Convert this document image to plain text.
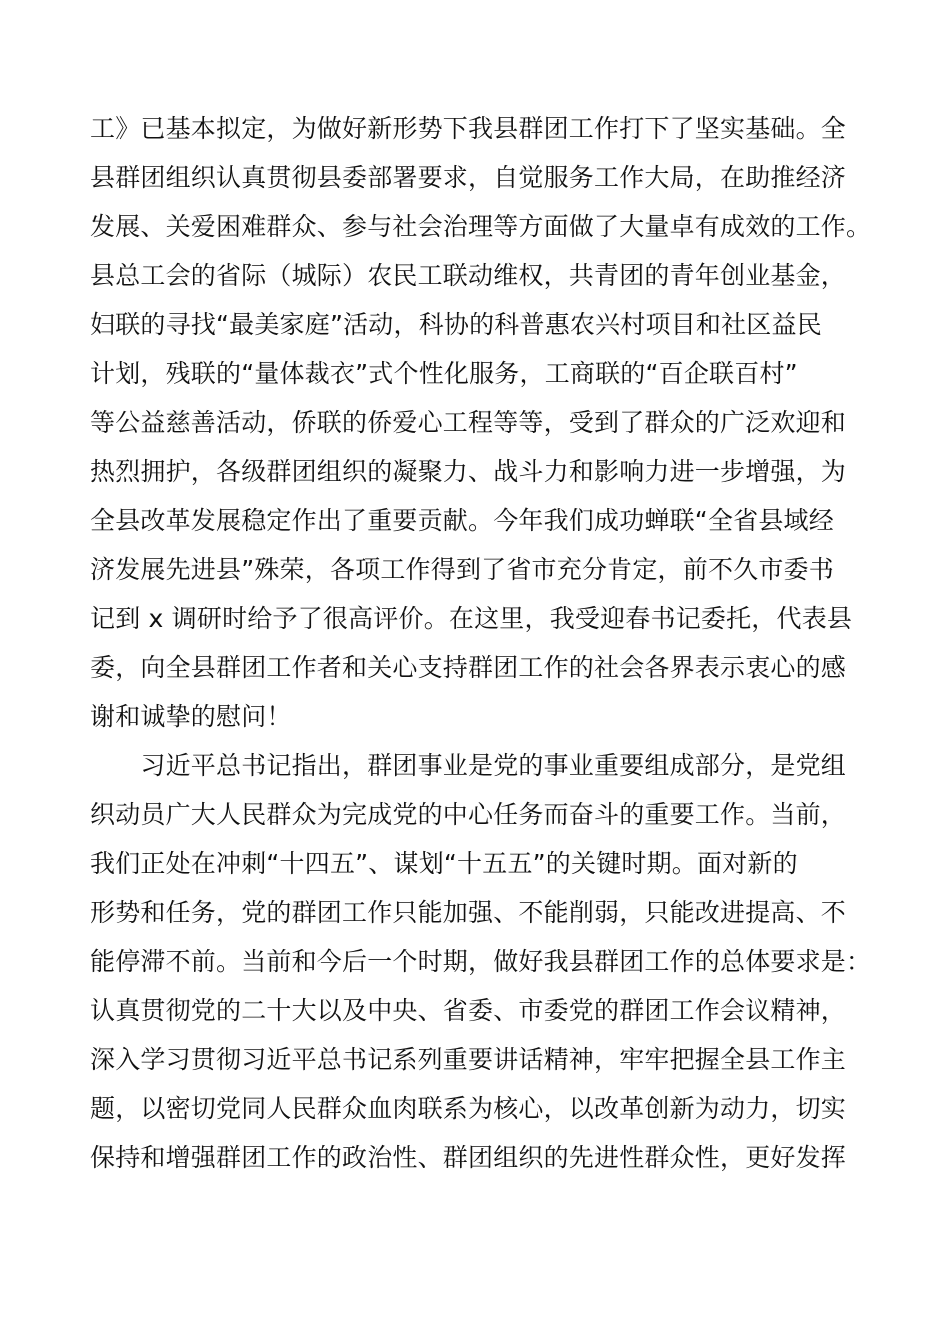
工》已基本拟定，为做好新形势下我县群团工作打下了坚实基础。全
县群团组织认真贯彻县委部署要求，自觉服务工作大局，在助推经济
发展、关爱困难群众、参与社会治理等方面做了大量卓有成效的工作。
县总工会的省际（城际）农民工联动维权，共青团的青年创业基金，
妇联的寻找“最美家庭”活动，科协的科普惠农兴村项目和社区益民
计划，残联的“量体裁衣”式个性化服务，工商联的“百企联百村”
等公益慈善活动，侨联的侨爱心工程等等，受到了群众的广泛欢迎和
热烈拥护，各级群团组织的凝聚力、战斗力和影响力进一步增强，为
全县改革发展稳定作出了重要贡献。今年我们成功蝉联“全省县域经
济发展先进县”殊荣，各项工作得到了省市充分肯定，前不久市委书
记到 x 调研时给予了很高评价。在这里，我受迎春书记委托，代表县
委，向全县群团工作者和关心支持群团工作的社会各界表示衷心的感
谢和诚挚的慰问！
　　习近平总书记指出，群团事业是党的事业重要组成部分，是党组
织动员广大人民群众为完成党的中心任务而奋斗的重要工作。当前，
我们正处在冲刺“十四五”、谋划“十五五”的关键时期。面对新的
形势和任务，党的群团工作只能加强、不能削弱，只能改进提高、不
能停滞不前。当前和今后一个时期，做好我县群团工作的总体要求是：
认真贯彻党的二十大以及中央、省委、市委党的群团工作会议精神，
深入学习贯彻习近平总书记系列重要讲话精神，牢牢把握全县工作主
题，以密切党同人民群众血肉联系为核心，以改革创新为动力，切实
保持和增强群团工作的政治性、群团组织的先进性群众性，更好发挥
